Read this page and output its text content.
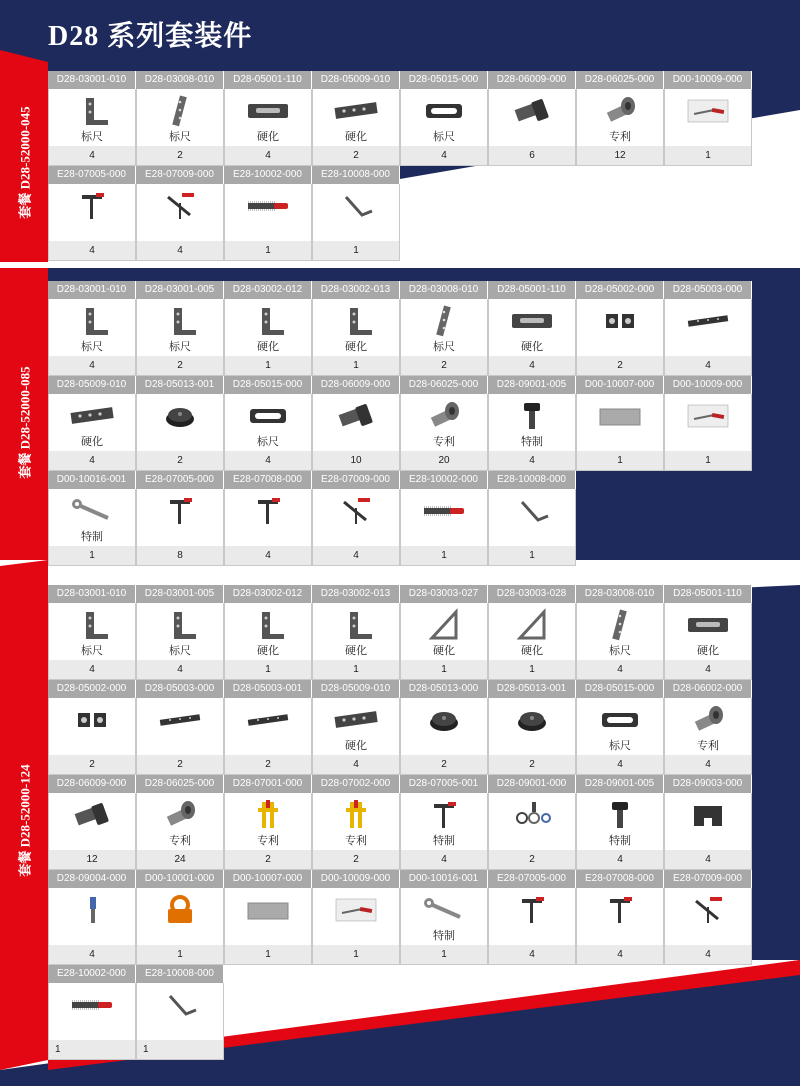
D28 系列套装件
套餐 D28-52000-045
套餐 D28-52000-085
套餐 D28-52000-124
D28-03001-010
标尺
4
D28-03008-010
标尺
2
D28-05001-110
硬化
4
D28-05009-010
硬化
2
D28-05015-000
标尺
4
D28-06009-000
6
D28-06025-000
专利
12
D00-10009-000
1
E28-07005-000
4
E28-07009-000
4
E28-10002-000
1
E28-10008-000
1
D28-03001-010
标尺
4
D28-03001-005
标尺
2
D28-03002-012
硬化
1
D28-03002-013
硬化
1
D28-03008-010
标尺
2
D28-05001-110
硬化
4
D28-05002-000
2
D28-05003-000
4
D28-05009-010
硬化
4
D28-05013-001
2
D28-05015-000
标尺
4
D28-06009-000
10
D28-06025-000
专利
20
D28-09001-005
特制
4
D00-10007-000
1
D00-10009-000
1
D00-10016-001
特制
1
E28-07005-000
8
E28-07008-000
4
E28-07009-000
4
E28-10002-000
1
E28-10008-000
1
D28-03001-010
标尺
4
D28-03001-005
标尺
4
D28-03002-012
硬化
1
D28-03002-013
硬化
1
D28-03003-027
硬化
1
D28-03003-028
硬化
1
D28-03008-010
标尺
4
D28-05001-110
硬化
4
D28-05002-000
2
D28-05003-000
2
D28-05003-001
2
D28-05009-010
硬化
4
D28-05013-000
2
D28-05013-001
2
D28-05015-000
标尺
4
D28-06002-000
专利
4
D28-06009-000
12
D28-06025-000
专利
24
D28-07001-000
专利
2
D28-07002-000
专利
2
D28-07005-001
特制
4
D28-09001-000
2
D28-09001-005
特制
4
D28-09003-000
4
D28-09004-000
4
D00-10001-000
1
D00-10007-000
1
D00-10009-000
1
D00-10016-001
特制
1
E28-07005-000
4
E28-07008-000
4
E28-07009-000
4
E28-10002-000
1
E28-10008-000
1
